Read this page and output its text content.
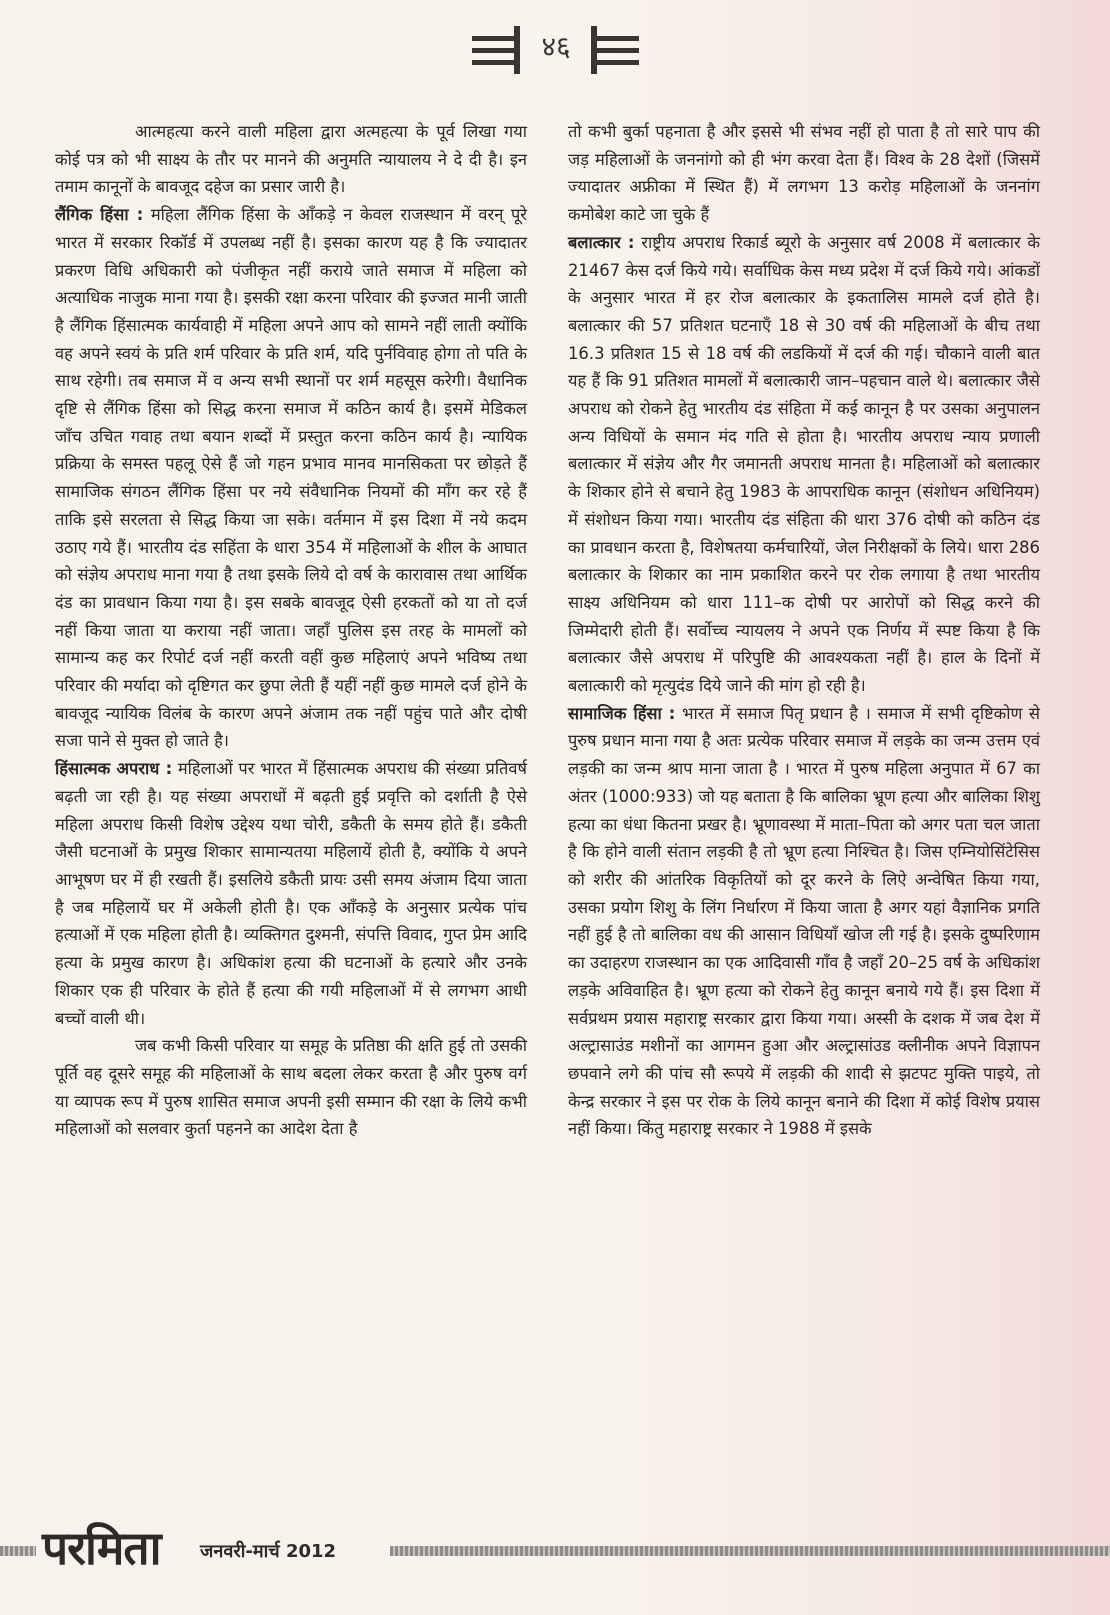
४६

आत्महत्या करने वाली महिला द्वारा अत्महत्या के पूर्व लिखा गया कोई पत्र को भी साक्ष्य के तौर पर मानने की अनुमति न्यायालय ने दे दी है। इन तमाम कानूनों के बावजूद दहेज का प्रसार जारी है।

लैंगिक हिंसा : महिला लैंगिक हिंसा के आँकड़े न केवल राजस्थान में वरन् पूरे भारत में सरकार रिकॉर्ड में उपलब्ध नहीं है। इसका कारण यह है कि ज्यादातर प्रकरण विधि अधिकारी को पंजीकृत नहीं कराये जाते समाज में महिला को अत्याधिक नाजुक माना गया है। इसकी रक्षा करना परिवार की इज्जत मानी जाती है लैंगिक हिंसात्मक कार्यवाही में महिला अपने आप को सामने नहीं लाती क्योंकि वह अपने स्वयं के प्रति शर्म परिवार के प्रति शर्म, यदि पुर्नविवाह होगा तो पति के साथ रहेगी। तब समाज में व अन्य सभी स्थानों पर शर्म महसूस करेगी। वैधानिक दृष्टि से लैंगिक हिंसा को सिद्ध करना समाज में कठिन कार्य है। इसमें मेडिकल जाँच उचित गवाह तथा बयान शब्दों में प्रस्तुत करना कठिन कार्य है। न्यायिक प्रक्रिया के समस्त पहलू ऐसे हैं जो गहन प्रभाव मानव मानसिकता पर छोड़ते हैं सामाजिक संगठन लैंगिक हिंसा पर नये संवैधानिक नियमों की माँग कर रहे हैं ताकि इसे सरलता से सिद्ध किया जा सके। वर्तमान में इस दिशा में नये कदम उठाए गये हैं। भारतीय दंड सहिंता के धारा 354 में महिलाओं के शील के आघात को संज्ञेय अपराध माना गया है तथा इसके लिये दो वर्ष के कारावास तथा आर्थिक दंड का प्रावधान किया गया है। इस सबके बावजूद ऐसी हरकतों को या तो दर्ज नहीं किया जाता या कराया नहीं जाता। जहाँ पुलिस इस तरह के मामलों को सामान्य कह कर रिपोर्ट दर्ज नहीं करती वहीं कुछ महिलाएं अपने भविष्य तथा परिवार की मर्यादा को दृष्टिगत कर छुपा लेती हैं यहीं नहीं कुछ मामले दर्ज होने के बावजूद न्यायिक विलंब के कारण अपने अंजाम तक नहीं पहुंच पाते और दोषी सजा पाने से मुक्त हो जाते है।

हिंसात्मक अपराध : महिलाओं पर भारत में हिंसात्मक अपराध की संख्या प्रतिवर्ष बढ़ती जा रही है। यह संख्या अपराधों में बढ़ती हुई प्रवृत्ति को दर्शाती है ऐसे महिला अपराध किसी विशेष उद्देश्य यथा चोरी, डकैती के समय होते हैं। डकैती जैसी घटनाओं के प्रमुख शिकार सामान्यतया महिलायें होती है, क्योंकि ये अपने आभूषण घर में ही रखती हैं। इसलिये डकैती प्रायः उसी समय अंजाम दिया जाता है जब महिलायें घर में अकेली होती है। एक आँकड़े के अनुसार प्रत्येक पांच हत्याओं में एक महिला होती है। व्यक्तिगत दुश्मनी, संपत्ति विवाद, गुप्त प्रेम आदि हत्या के प्रमुख कारण है। अधिकांश हत्या की घटनाओं के हत्यारे और उनके शिकार एक ही परिवार के होते हैं हत्या की गयी महिलाओं में से लगभग आधी बच्चों वाली थी।

जब कभी किसी परिवार या समूह के प्रतिष्ठा की क्षति हुई तो उसकी पूर्ति वह दूसरे समूह की महिलाओं के साथ बदला लेकर करता है और पुरुष वर्ग या व्यापक रूप में पुरुष शासित समाज अपनी इसी सम्मान की रक्षा के लिये कभी महिलाओं को सलवार कुर्ता पहनने का आदेश देता है

तो कभी बुर्का पहनाता है और इससे भी संभव नहीं हो पाता है तो सारे पाप की जड़ महिलाओं के जननांगो को ही भंग करवा देता हैं। विश्व के 28 देशों (जिसमें ज्यादातर अफ्रीका में स्थित हैं) में लगभग 13 करोड़ महिलाओं के जननांग कमोबेश काटे जा चुके हैं

बलात्कार : राष्ट्रीय अपराध रिकार्ड ब्यूरो के अनुसार वर्ष 2008 में बलात्कार के 21467 केस दर्ज किये गये। सर्वाधिक केस मध्य प्रदेश में दर्ज किये गये। आंकडों के अनुसार भारत में हर रोज बलात्कार के इकतालिस मामले दर्ज होते है। बलात्कार की 57 प्रतिशत घटनाएँ 18 से 30 वर्ष की महिलाओं के बीच तथा 16.3 प्रतिशत 15 से 18 वर्ष की लडकियों में दर्ज की गई। चौकाने वाली बात यह हैं कि 91 प्रतिशत मामलों में बलात्कारी जान–पहचान वाले थे। बलात्कार जैसे अपराध को रोकने हेतु भारतीय दंड संहिता में कई कानून है पर उसका अनुपालन अन्य विधियों के समान मंद गति से होता है। भारतीय अपराध न्याय प्रणाली बलात्कार में संज्ञेय और गैर जमानती अपराध मानता है। महिलाओं को बलात्कार के शिकार होने से बचाने हेतु 1983 के आपराधिक कानून (संशोधन अधिनियम) में संशोधन किया गया। भारतीय दंड संहिता की धारा 376 दोषी को कठिन दंड का प्रावधान करता है, विशेषतया कर्मचारियों, जेल निरीक्षकों के लिये। धारा 286 बलात्कार के शिकार का नाम प्रकाशित करने पर रोक लगाया है तथा भारतीय साक्ष्य अधिनियम को धारा 111–क दोषी पर आरोपों को सिद्ध करने की जिम्मेदारी होती हैं। सर्वोच्च न्यायलय ने अपने एक निर्णय में स्पष्ट किया है कि बलात्कार जैसे अपराध में परिपुष्टि की आवश्यकता नहीं है। हाल के दिनों में बलात्कारी को मृत्युदंड दिये जाने की मांग हो रही है।

सामाजिक हिंसा : भारत में समाज पितृ प्रधान है । समाज में सभी दृष्टिकोण से पुरुष प्रधान माना गया है अतः प्रत्येक परिवार समाज में लड़के का जन्म उत्तम एवं लड़की का जन्म श्राप माना जाता है । भारत में पुरुष महिला अनुपात में 67 का अंतर (1000:933) जो यह बताता है कि बालिका भ्रूण हत्या और बालिका शिशु हत्या का धंधा कितना प्रखर है। भ्रूणावस्था में माता–पिता को अगर पता चल जाता है कि होने वाली संतान लड़की है तो भ्रूण हत्या निश्चित है। जिस एम्नियोसिंटेसिस को शरीर की आंतरिक विकृतियों को दूर करने के लिऐ अन्वेषित किया गया, उसका प्रयोग शिशु के लिंग निर्धारण में किया जाता है अगर यहां वैज्ञानिक प्रगति नहीं हुई है तो बालिका वध की आसान विधियाँ खोज ली गई है। इसके दुष्परिणाम का उदाहरण राजस्थान का एक आदिवासी गाँव है जहाँ 20–25 वर्ष के अधिकांश लड़के अविवाहित है। भ्रूण हत्या को रोकने हेतु कानून बनाये गये हैं। इस दिशा में सर्वप्रथम प्रयास महाराष्ट्र सरकार द्वारा किया गया। अस्सी के दशक में जब देश में अल्ट्रासाउंड मशीनों का आगमन हुआ और अल्ट्रासांउड क्लीनीक अपने विज्ञापन छपवाने लगे की पांच सौ रूपये में लड़की की शादी से झटपट मुक्ति पाइये, तो केन्द्र सरकार ने इस पर रोक के लिये कानून बनाने की दिशा में कोई विशेष प्रयास नहीं किया। किंतु महाराष्ट्र सरकार ने 1988 में इसके

परमिता जनवरी-मार्च 2012
